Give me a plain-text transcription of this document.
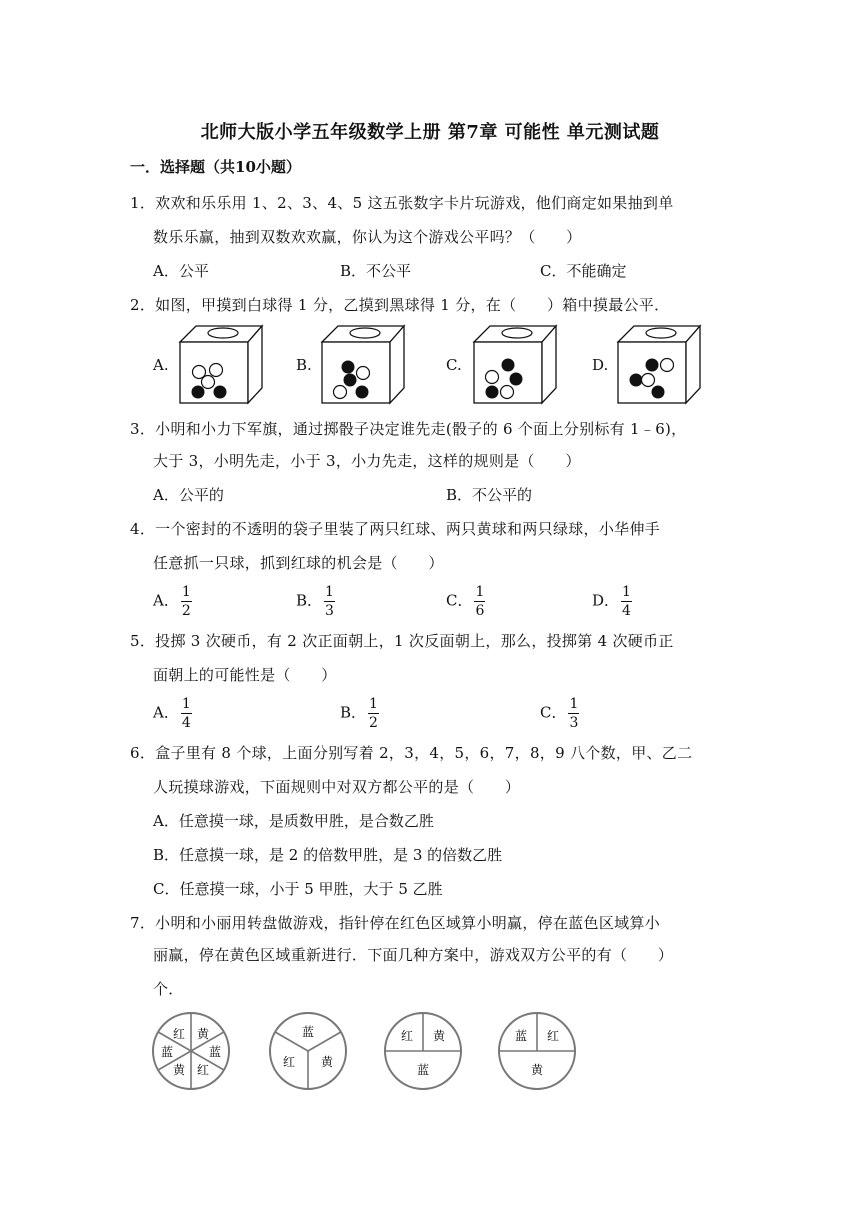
北师大版小学五年级数学上册 第7章 可能性 单元测试题
一．选择题（共10小题）
1．欢欢和乐乐用 1、2、3、4、5 这五张数字卡片玩游戏，他们商定如果抽到单
数乐乐赢，抽到双数欢欢赢，你认为这个游戏公平吗？（　　）
A．公平	B．不公平	C．不能确定
2．如图，甲摸到白球得 1 分，乙摸到黑球得 1 分，在（　　）箱中摸最公平．
A.	B.	C.	D.
3．小明和小力下军旗，通过掷骰子决定谁先走(骰子的 6 个面上分别标有 1﹣6)，
大于 3，小明先走，小于 3，小力先走，这样的规则是（　　）
A．公平的	B．不公平的
4．一个密封的不透明的袋子里装了两只红球、两只黄球和两只绿球，小华伸手
任意抓一只球，抓到红球的机会是（　　）
A． $\frac{1}{2}$	B． $\frac{1}{3}$	C． $\frac{1}{6}$	D． $\frac{1}{4}$
5．投掷 3 次硬币，有 2 次正面朝上，1 次反面朝上，那么，投掷第 4 次硬币正
面朝上的可能性是（　　）
A． $\frac{1}{4}$	B． $\frac{1}{2}$	C． $\frac{1}{3}$
6．盒子里有 8 个球，上面分别写着 2，3，4，5，6，7，8，9 八个数，甲、乙二
人玩摸球游戏，下面规则中对双方都公平的是（　　）
A．任意摸一球，是质数甲胜，是合数乙胜
B．任意摸一球，是 2 的倍数甲胜，是 3 的倍数乙胜
C．任意摸一球，小于 5 甲胜，大于 5 乙胜
7．小明和小丽用转盘做游戏，指针停在红色区域算小明赢，停在蓝色区域算小
丽赢，停在黄色区域重新进行．下面几种方案中，游戏双方公平的有（　　）
个．
红 黄
蓝
蓝
黄 红
蓝
红 黄
红 黄
蓝
蓝 红
黄
